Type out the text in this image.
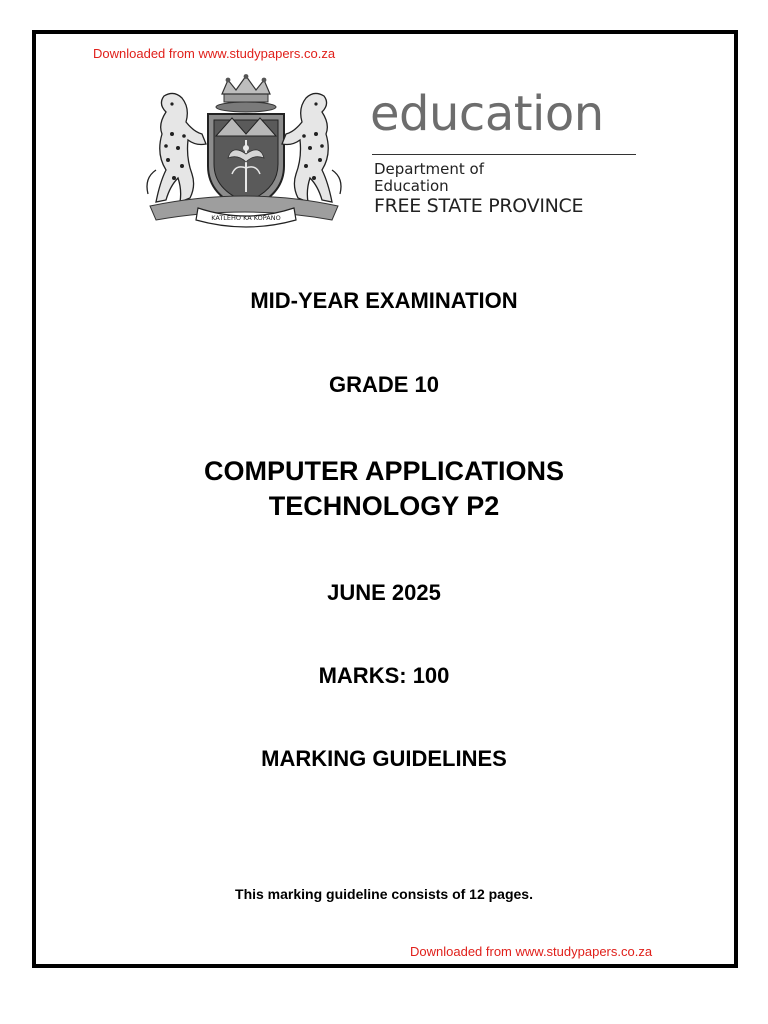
Downloaded from www.studypapers.co.za
KATLEHO KA KOPANO
education
Department of
Education
FREE STATE PROVINCE
MID-YEAR EXAMINATION
GRADE 10
COMPUTER APPLICATIONS
TECHNOLOGY P2
JUNE 2025
MARKS: 100
MARKING GUIDELINES
This marking guideline consists of 12 pages.
Downloaded from www.studypapers.co.za
